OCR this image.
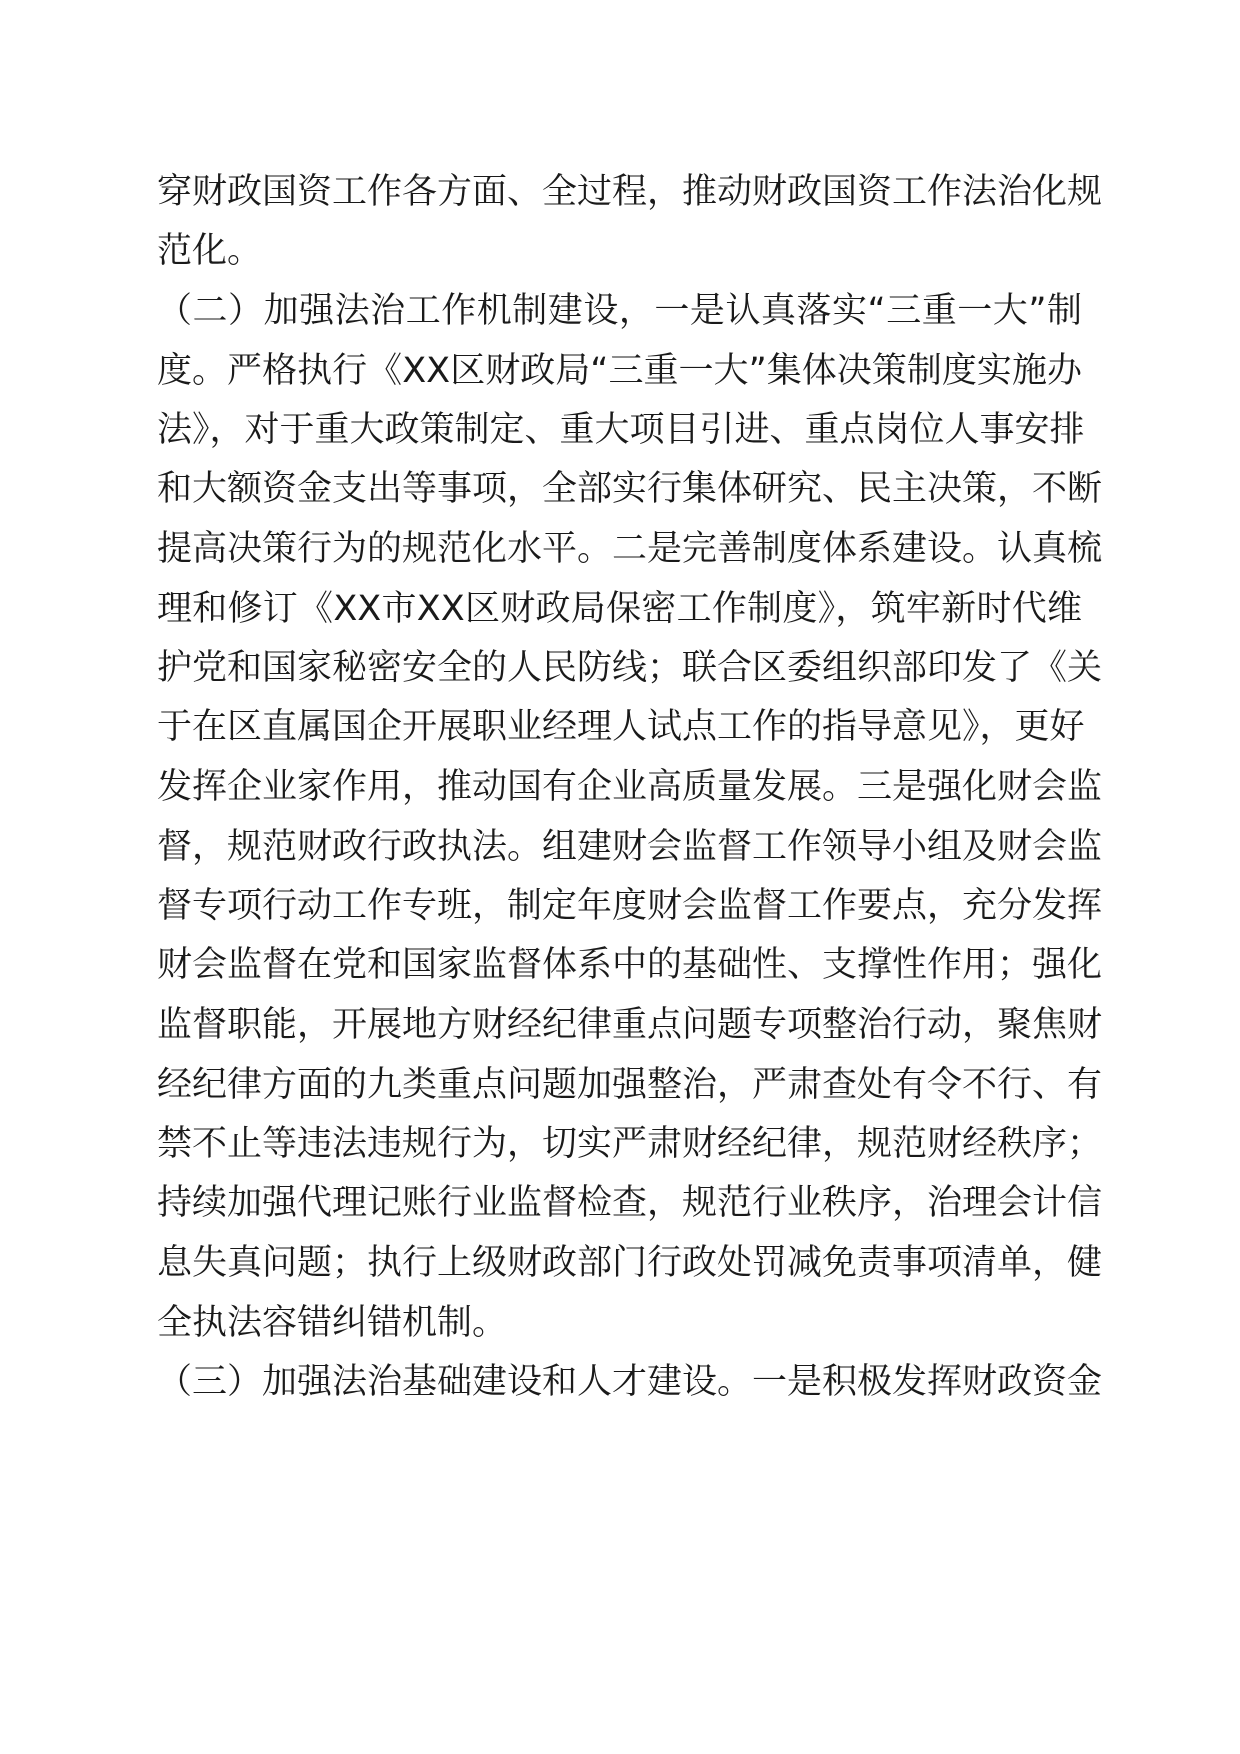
穿财政国资工作各方面、全过程，推动财政国资工作法治化规
范化。
（二）加强法治工作机制建设，一是认真落实“三重一大”制
度。严格执行《XX区财政局“三重一大”集体决策制度实施办
法》，对于重大政策制定、重大项目引进、重点岗位人事安排
和大额资金支出等事项，全部实行集体研究、民主决策，不断
提高决策行为的规范化水平。二是完善制度体系建设。认真梳
理和修订《XX市XX区财政局保密工作制度》，筑牢新时代维
护党和国家秘密安全的人民防线；联合区委组织部印发了《关
于在区直属国企开展职业经理人试点工作的指导意见》，更好
发挥企业家作用，推动国有企业高质量发展。三是强化财会监
督，规范财政行政执法。组建财会监督工作领导小组及财会监
督专项行动工作专班，制定年度财会监督工作要点，充分发挥
财会监督在党和国家监督体系中的基础性、支撑性作用；强化
监督职能，开展地方财经纪律重点问题专项整治行动，聚焦财
经纪律方面的九类重点问题加强整治，严肃查处有令不行、有
禁不止等违法违规行为，切实严肃财经纪律，规范财经秩序；
持续加强代理记账行业监督检查，规范行业秩序，治理会计信
息失真问题；执行上级财政部门行政处罚减免责事项清单，健
全执法容错纠错机制。
（三）加强法治基础建设和人才建设。一是积极发挥财政资金
